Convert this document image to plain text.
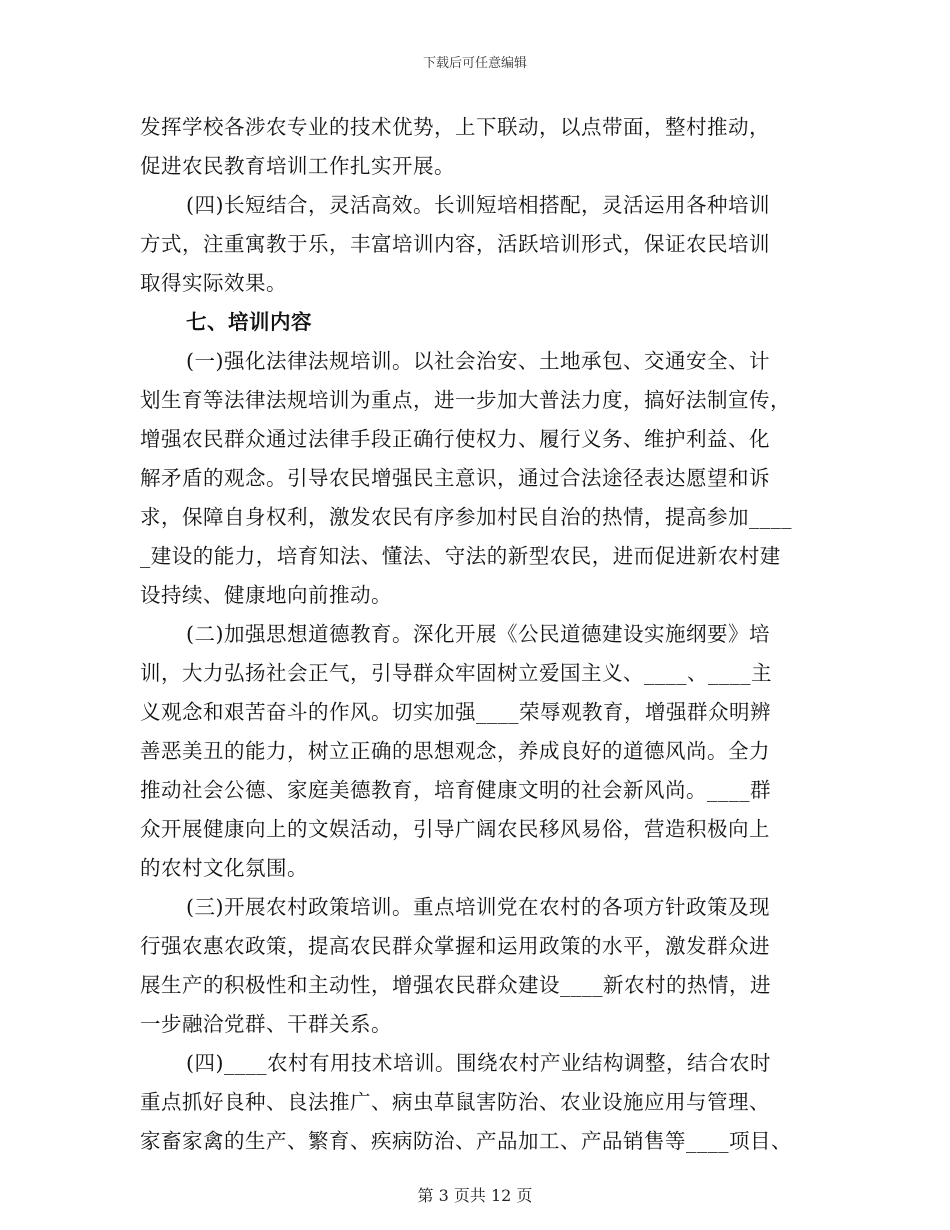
下载后可任意编辑
发挥学校各涉农专业的技术优势，上下联动，以点带面，整村推动，
促进农民教育培训工作扎实开展。
(四)长短结合，灵活高效。长训短培相搭配，灵活运用各种培训
方式，注重寓教于乐，丰富培训内容，活跃培训形式，保证农民培训
取得实际效果。
七、培训内容
(一)强化法律法规培训。以社会治安、土地承包、交通安全、计
划生育等法律法规培训为重点，进一步加大普法力度，搞好法制宣传，
增强农民群众通过法律手段正确行使权力、履行义务、维护利益、化
解矛盾的观念。引导农民增强民主意识，通过合法途径表达愿望和诉
求，保障自身权利，激发农民有序参加村民自治的热情，提高参加____
_建设的能力，培育知法、懂法、守法的新型农民，进而促进新农村建
设持续、健康地向前推动。
(二)加强思想道德教育。深化开展《公民道德建设实施纲要》培
训，大力弘扬社会正气，引导群众牢固树立爱国主义、____、____主
义观念和艰苦奋斗的作风。切实加强____荣辱观教育，增强群众明辨
善恶美丑的能力，树立正确的思想观念，养成良好的道德风尚。全力
推动社会公德、家庭美德教育，培育健康文明的社会新风尚。____群
众开展健康向上的文娱活动，引导广阔农民移风易俗，营造积极向上
的农村文化氛围。
(三)开展农村政策培训。重点培训党在农村的各项方针政策及现
行强农惠农政策，提高农民群众掌握和运用政策的水平，激发群众进
展生产的积极性和主动性，增强农民群众建设____新农村的热情，进
一步融洽党群、干群关系。
(四)____农村有用技术培训。围绕农村产业结构调整，结合农时
重点抓好良种、良法推广、病虫草鼠害防治、农业设施应用与管理、
家畜家禽的生产、繁育、疾病防治、产品加工、产品销售等____项目、
第 3 页共 12 页
